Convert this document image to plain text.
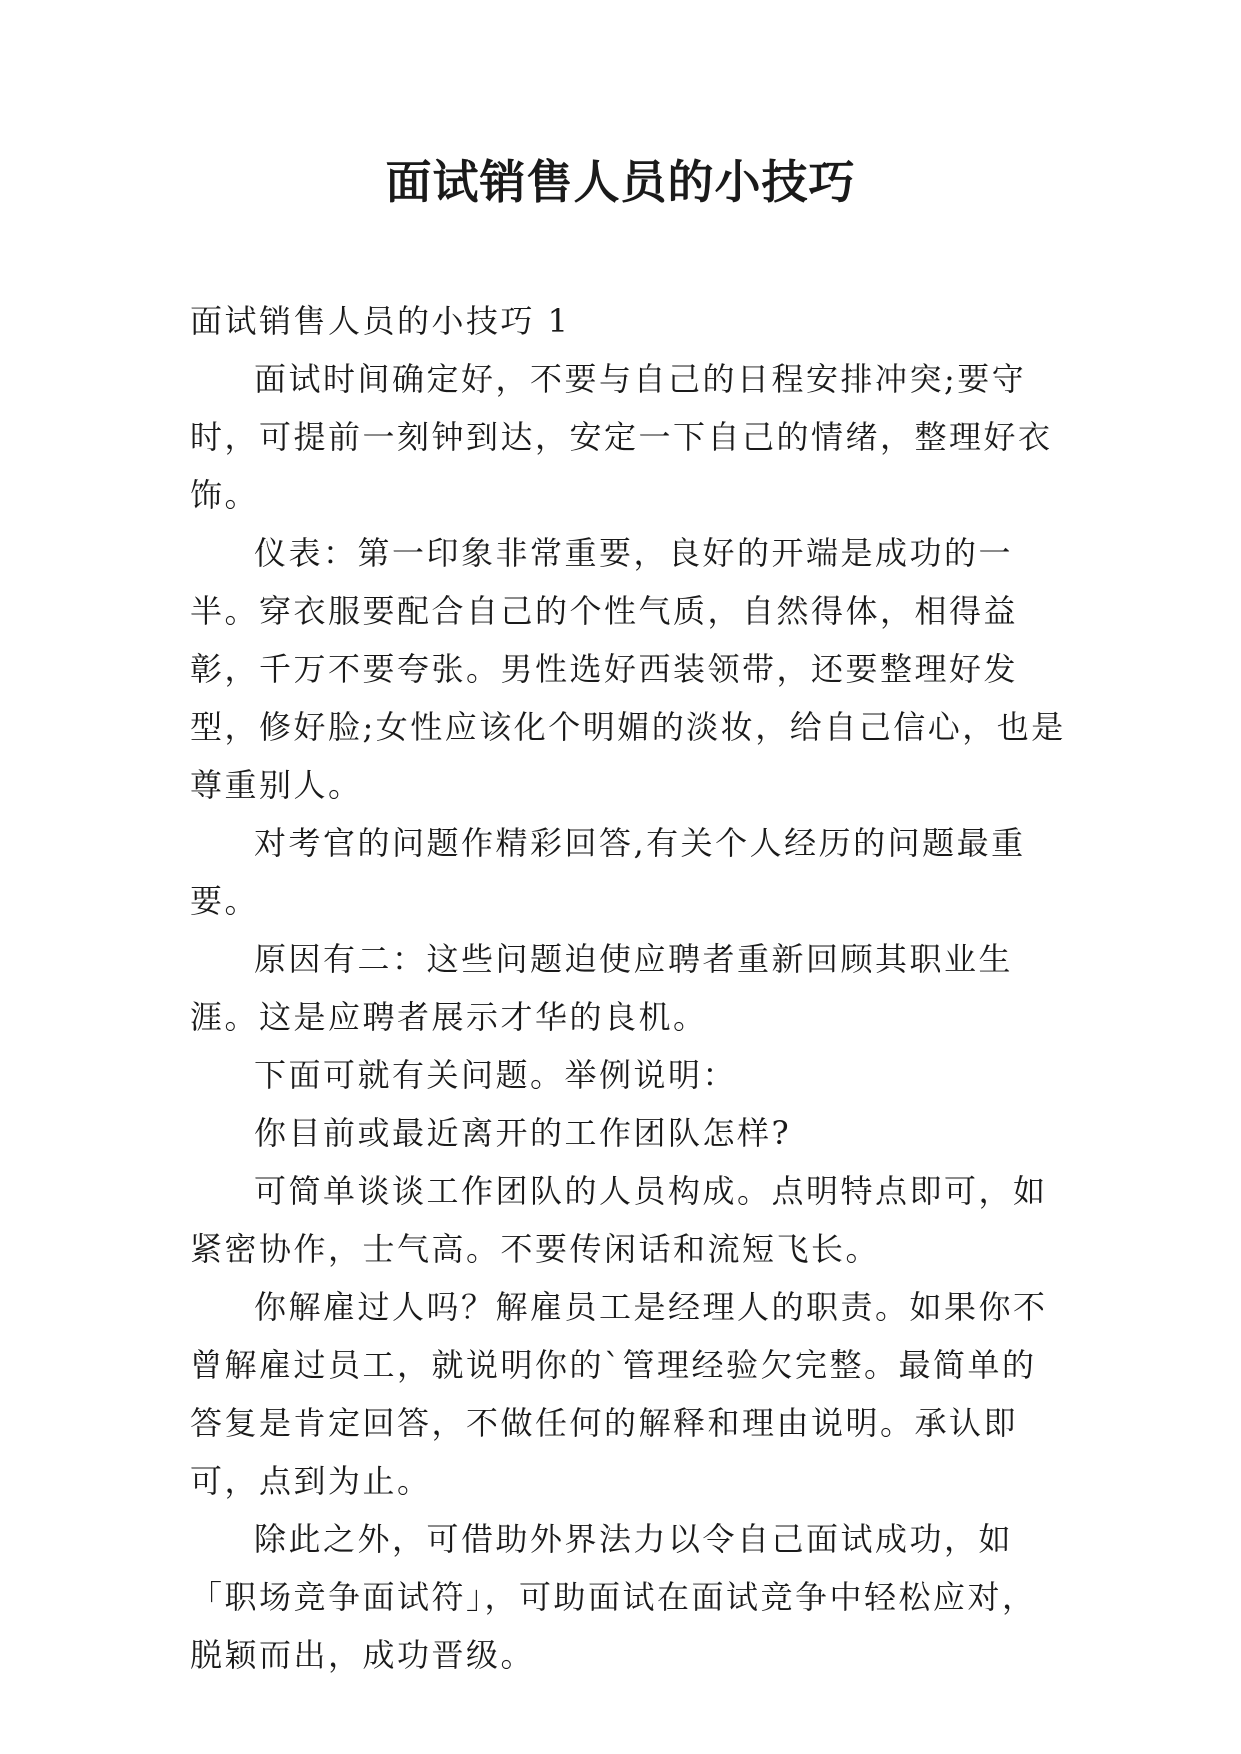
面试销售人员的小技巧

面试销售人员的小技巧 1

面试时间确定好，不要与自己的日程安排冲突;要守时，可提前一刻钟到达，安定一下自己的情绪，整理好衣饰。

仪表：第一印象非常重要，良好的开端是成功的一半。穿衣服要配合自己的个性气质，自然得体，相得益彰，千万不要夸张。男性选好西装领带，还要整理好发型，修好脸;女性应该化个明媚的淡妆，给自己信心，也是尊重别人。

对考官的问题作精彩回答,有关个人经历的问题最重要。

原因有二：这些问题迫使应聘者重新回顾其职业生涯。这是应聘者展示才华的良机。

下面可就有关问题。举例说明：

你目前或最近离开的工作团队怎样?

可简单谈谈工作团队的人员构成。点明特点即可，如紧密协作，士气高。不要传闲话和流短飞长。

你解雇过人吗？解雇员工是经理人的职责。如果你不曾解雇过员工，就说明你的`管理经验欠完整。最简单的答复是肯定回答，不做任何的解释和理由说明。承认即可，点到为止。

除此之外，可借助外界法力以令自己面试成功，如「职场竞争面试符」，可助面试在面试竞争中轻松应对，脱颖而出，成功晋级。
